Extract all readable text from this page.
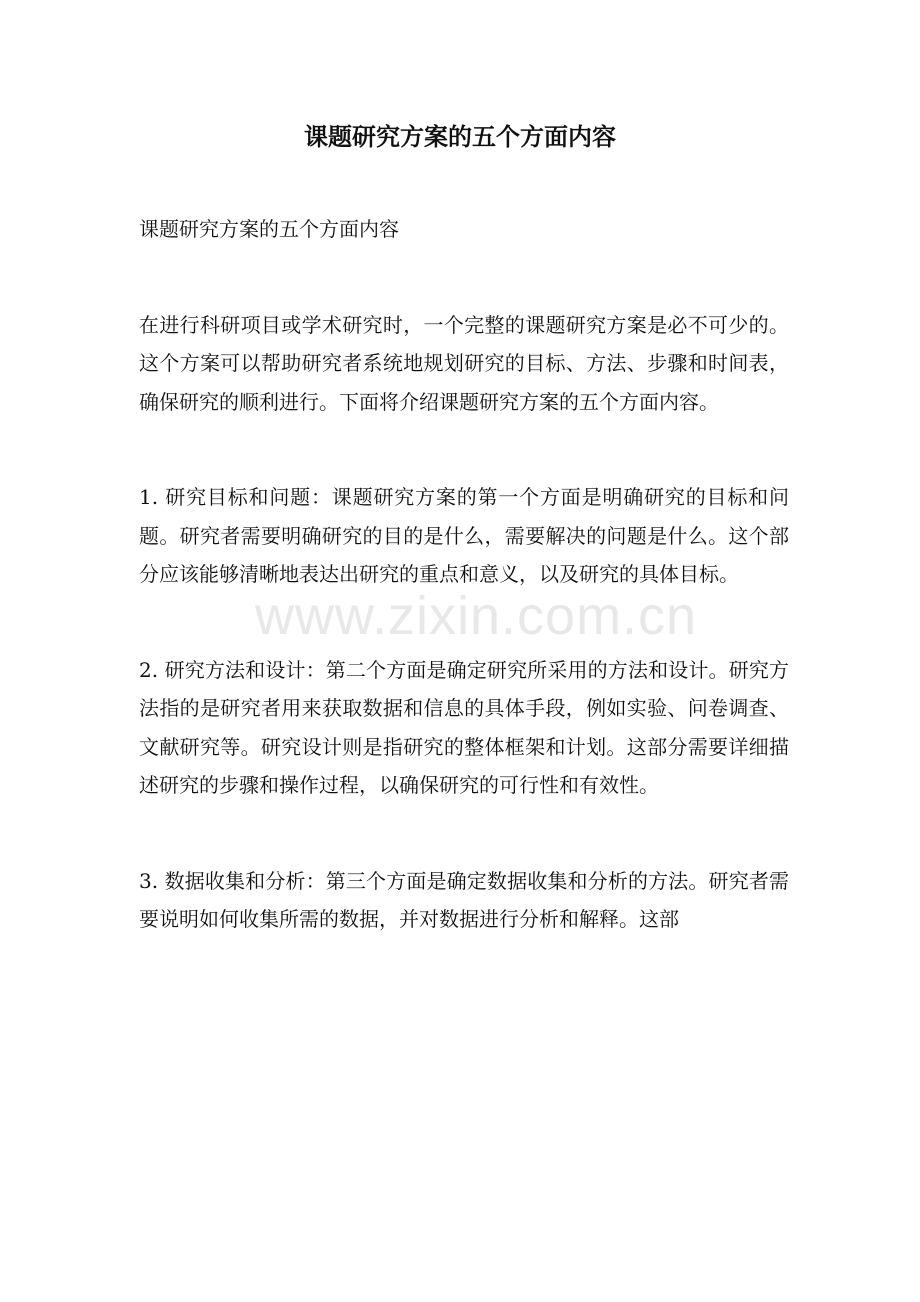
课题研究方案的五个方面内容

课题研究方案的五个方面内容

在进行科研项目或学术研究时，一个完整的课题研究方案是必不可少的。这个方案可以帮助研究者系统地规划研究的目标、方法、步骤和时间表，确保研究的顺利进行。下面将介绍课题研究方案的五个方面内容。

1. 研究目标和问题：课题研究方案的第一个方面是明确研究的目标和问题。研究者需要明确研究的目的是什么，需要解决的问题是什么。这个部分应该能够清晰地表达出研究的重点和意义，以及研究的具体目标。

2. 研究方法和设计：第二个方面是确定研究所采用的方法和设计。研究方法指的是研究者用来获取数据和信息的具体手段，例如实验、问卷调查、文献研究等。研究设计则是指研究的整体框架和计划。这部分需要详细描述研究的步骤和操作过程，以确保研究的可行性和有效性。

3. 数据收集和分析：第三个方面是确定数据收集和分析的方法。研究者需要说明如何收集所需的数据，并对数据进行分析和解释。这部

www.zixin.com.cn
